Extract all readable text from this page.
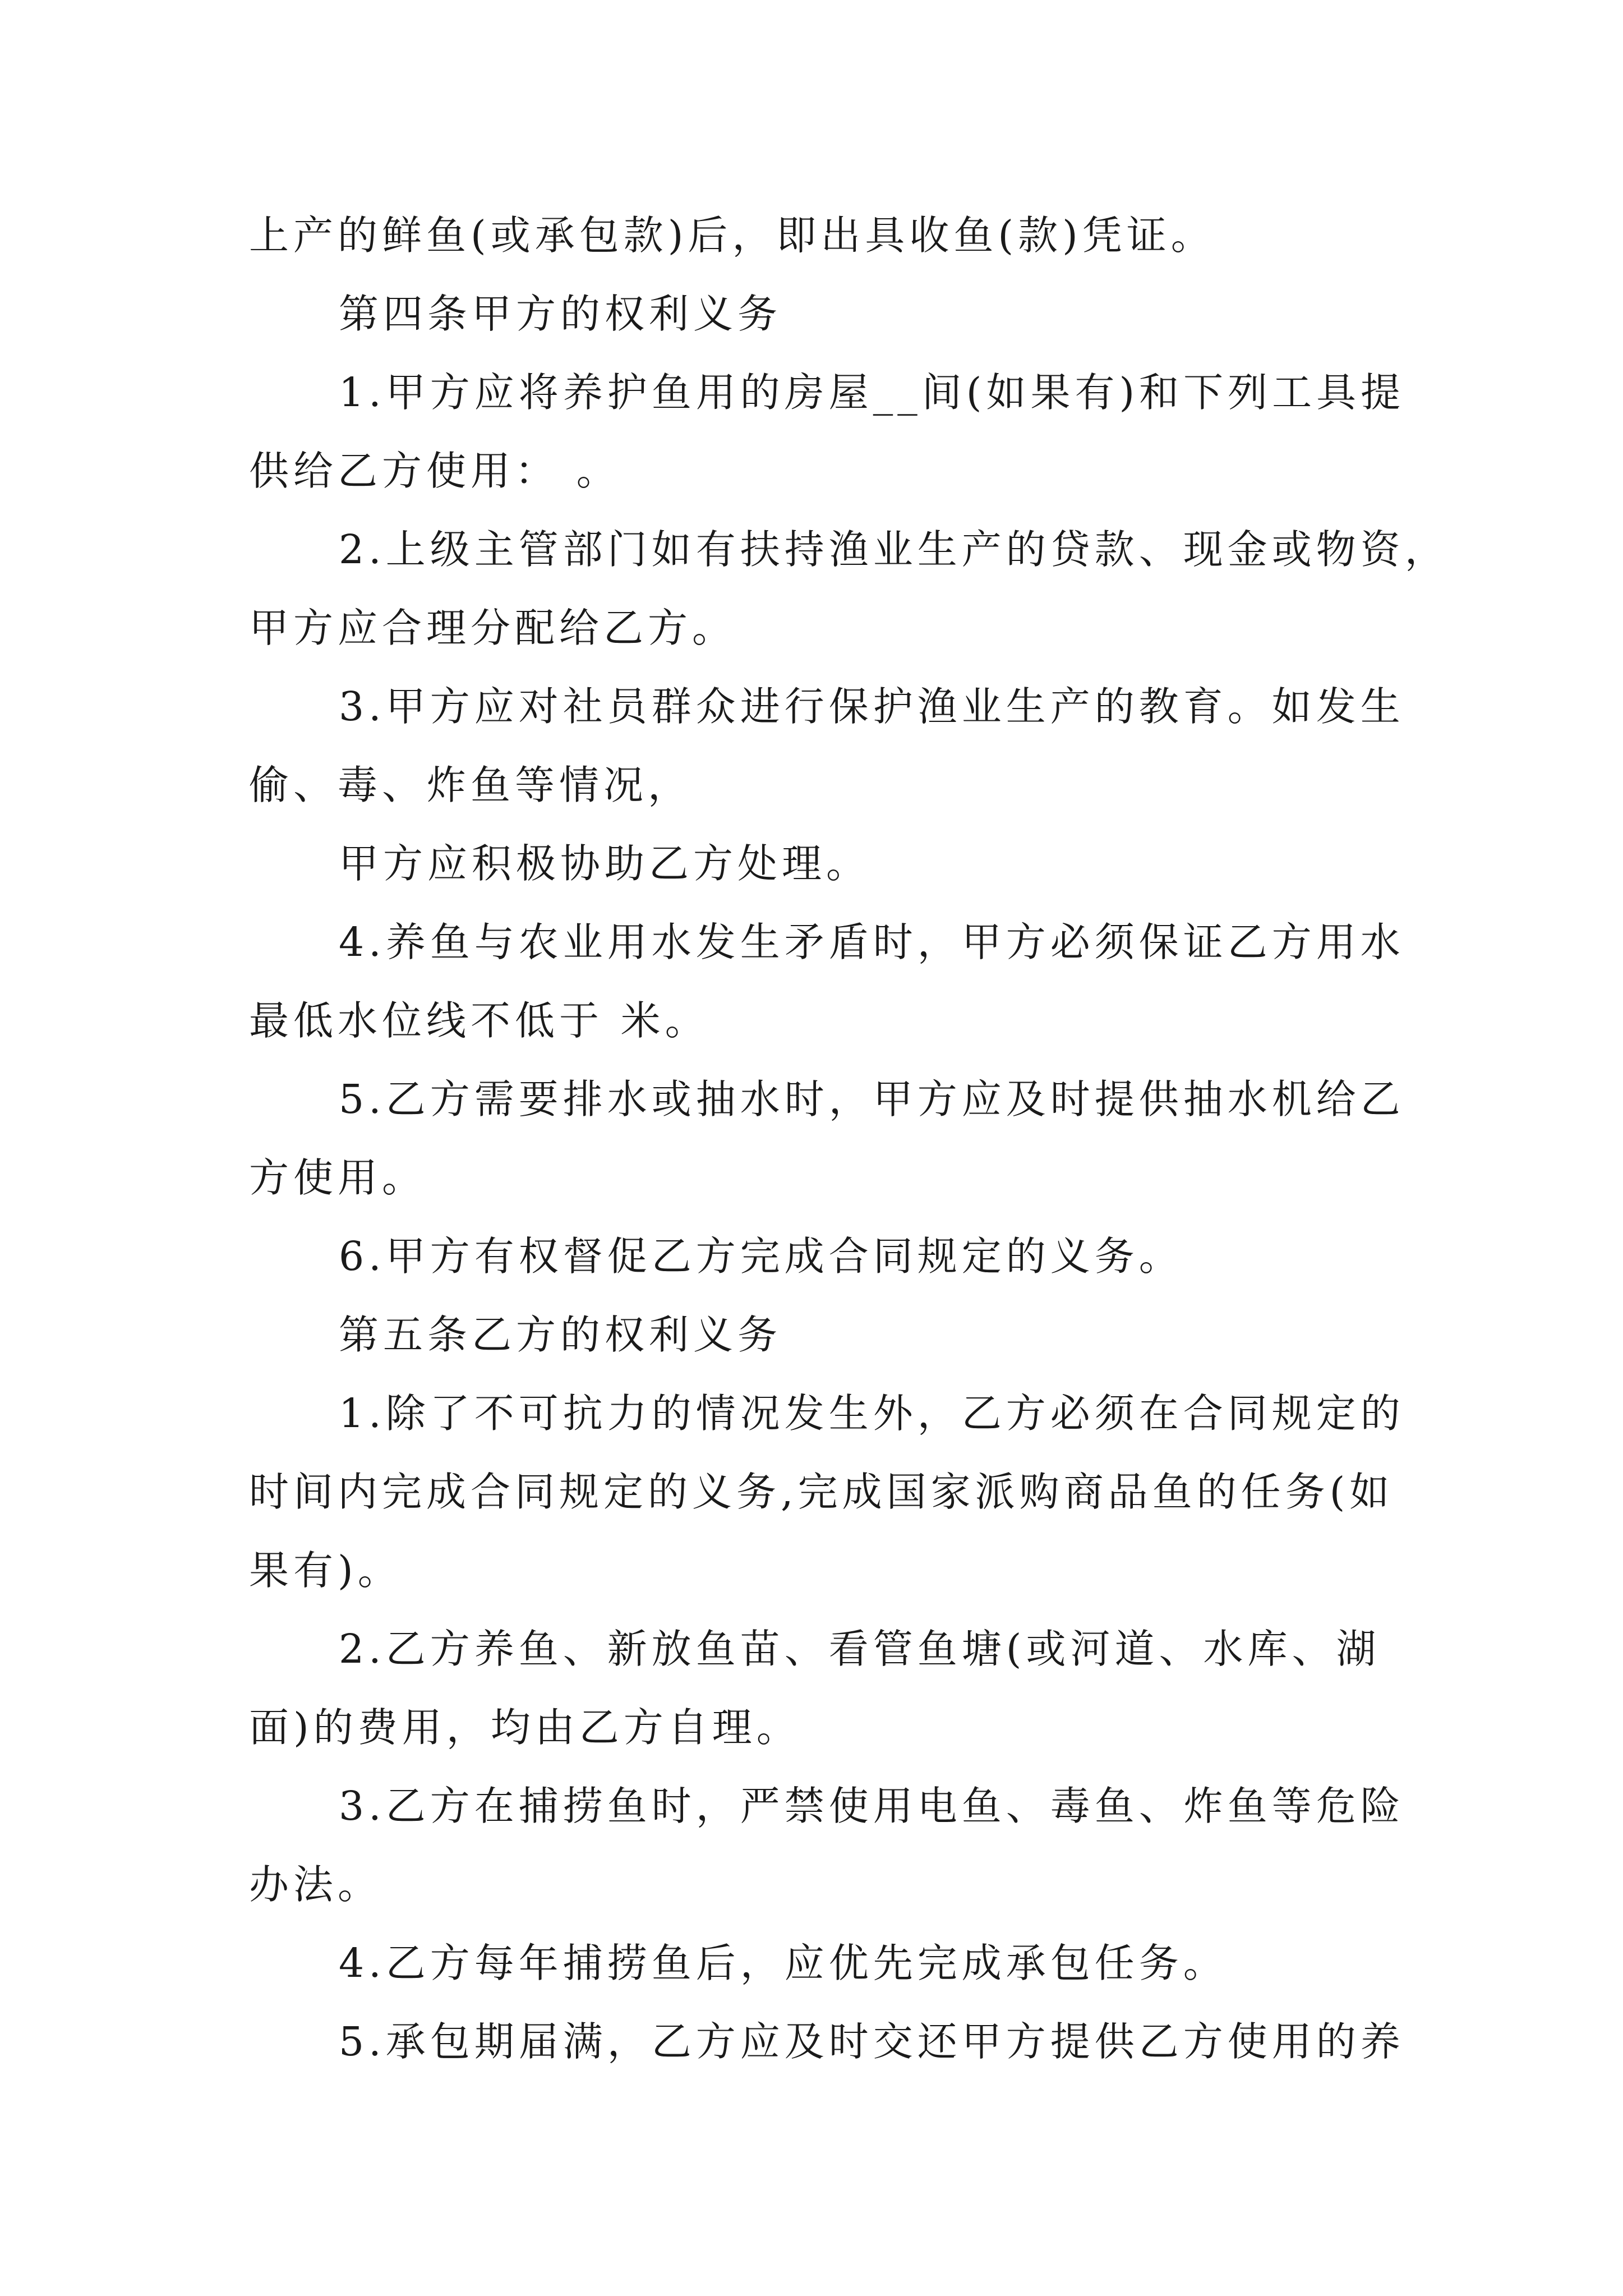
上产的鲜鱼(或承包款)后，即出具收鱼(款)凭证。
第四条甲方的权利义务
1.甲方应将养护鱼用的房屋__间(如果有)和下列工具提
供给乙方使用： 。
2.上级主管部门如有扶持渔业生产的贷款、现金或物资，
甲方应合理分配给乙方。
3.甲方应对社员群众进行保护渔业生产的教育。如发生
偷、毒、炸鱼等情况，
甲方应积极协助乙方处理。
4.养鱼与农业用水发生矛盾时，甲方必须保证乙方用水
最低水位线不低于 米。
5.乙方需要排水或抽水时，甲方应及时提供抽水机给乙
方使用。
6.甲方有权督促乙方完成合同规定的义务。
第五条乙方的权利义务
1.除了不可抗力的情况发生外，乙方必须在合同规定的
时间内完成合同规定的义务,完成国家派购商品鱼的任务(如
果有)。
2.乙方养鱼、新放鱼苗、看管鱼塘(或河道、水库、湖
面)的费用，均由乙方自理。
3.乙方在捕捞鱼时，严禁使用电鱼、毒鱼、炸鱼等危险
办法。
4.乙方每年捕捞鱼后，应优先完成承包任务。
5.承包期届满，乙方应及时交还甲方提供乙方使用的养
